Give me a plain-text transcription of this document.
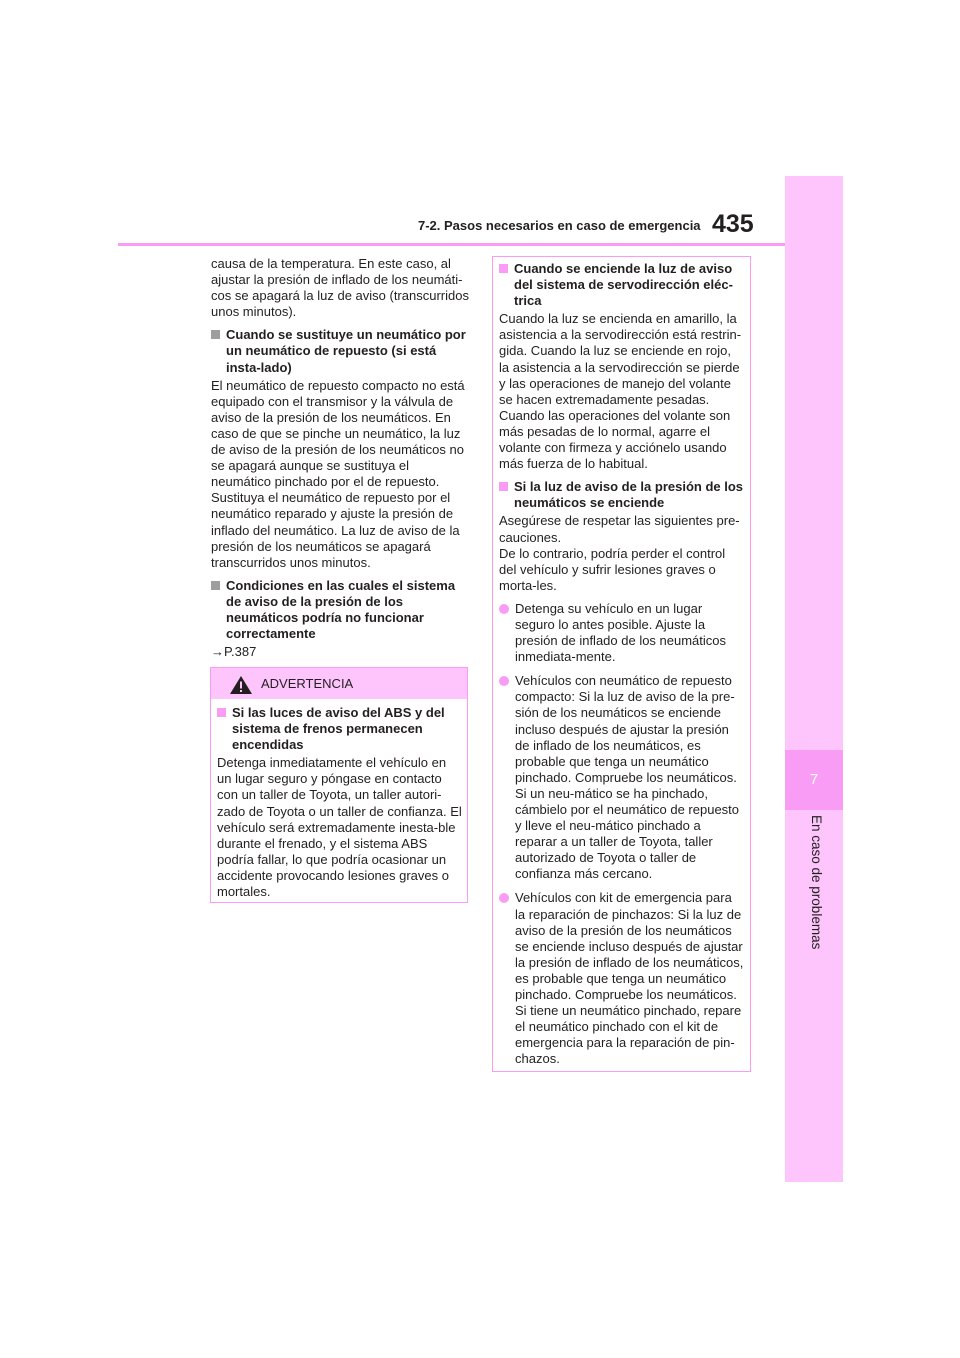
7
En caso de problemas
7-2. Pasos necesarios en caso de emergencia 435

causa de la temperatura. En este caso, al ajustar la presión de inflado de los neumáti-cos se apagará la luz de aviso (transcurridos unos minutos).

Cuando se sustituye un neumático por un neumático de repuesto (si está insta-lado)

El neumático de repuesto compacto no está equipado con el transmisor y la válvula de aviso de la presión de los neumáticos. En caso de que se pinche un neumático, la luz de aviso de la presión de los neumáticos no se apagará aunque se sustituya el neumático pinchado por el de repuesto. Sustituya el neumático de repuesto por el neumático reparado y ajuste la presión de inflado del neumático. La luz de aviso de la presión de los neumáticos se apagará transcurridos unos minutos.

Condiciones en las cuales el sistema de aviso de la presión de los neumáticos podría no funcionar correctamente

→P.387

ADVERTENCIA
Si las luces de aviso del ABS y del sistema de frenos permanecen encendidas

Detenga inmediatamente el vehículo en un lugar seguro y póngase en contacto con un taller de Toyota, un taller autori-zado de Toyota o un taller de confianza. El vehículo será extremadamente inesta-ble durante el frenado, y el sistema ABS podría fallar, lo que podría ocasionar un accidente provocando lesiones graves o mortales.

Cuando se enciende la luz de aviso del sistema de servodirección eléc-trica

Cuando la luz se encienda en amarillo, la asistencia a la servodirección está restrin-gida. Cuando la luz se enciende en rojo, la asistencia a la servodirección se pierde y las operaciones de manejo del volante se hacen extremadamente pesadas.

Cuando las operaciones del volante son más pesadas de lo normal, agarre el volante con firmeza y acciónelo usando más fuerza de lo habitual.

Si la luz de aviso de la presión de los neumáticos se enciende

Asegúrese de respetar las siguientes pre-cauciones.

De lo contrario, podría perder el control del vehículo y sufrir lesiones graves o morta-les.

Detenga su vehículo en un lugar seguro lo antes posible. Ajuste la presión de inflado de los neumáticos inmediata-mente.
Vehículos con neumático de repuesto compacto: Si la luz de aviso de la pre-sión de los neumáticos se enciende incluso después de ajustar la presión de inflado de los neumáticos, es probable que tenga un neumático pinchado. Compruebe los neumáticos. Si un neu-mático se ha pinchado, cámbielo por el neumático de repuesto y lleve el neu-mático pinchado a reparar a un taller de Toyota, taller autorizado de Toyota o taller de confianza más cercano.
Vehículos con kit de emergencia para la reparación de pinchazos: Si la luz de aviso de la presión de los neumáticos se enciende incluso después de ajustar la presión de inflado de los neumáticos, es probable que tenga un neumático pinchado. Compruebe los neumáticos. Si tiene un neumático pinchado, repare el neumático pinchado con el kit de emergencia para la reparación de pin-chazos.
